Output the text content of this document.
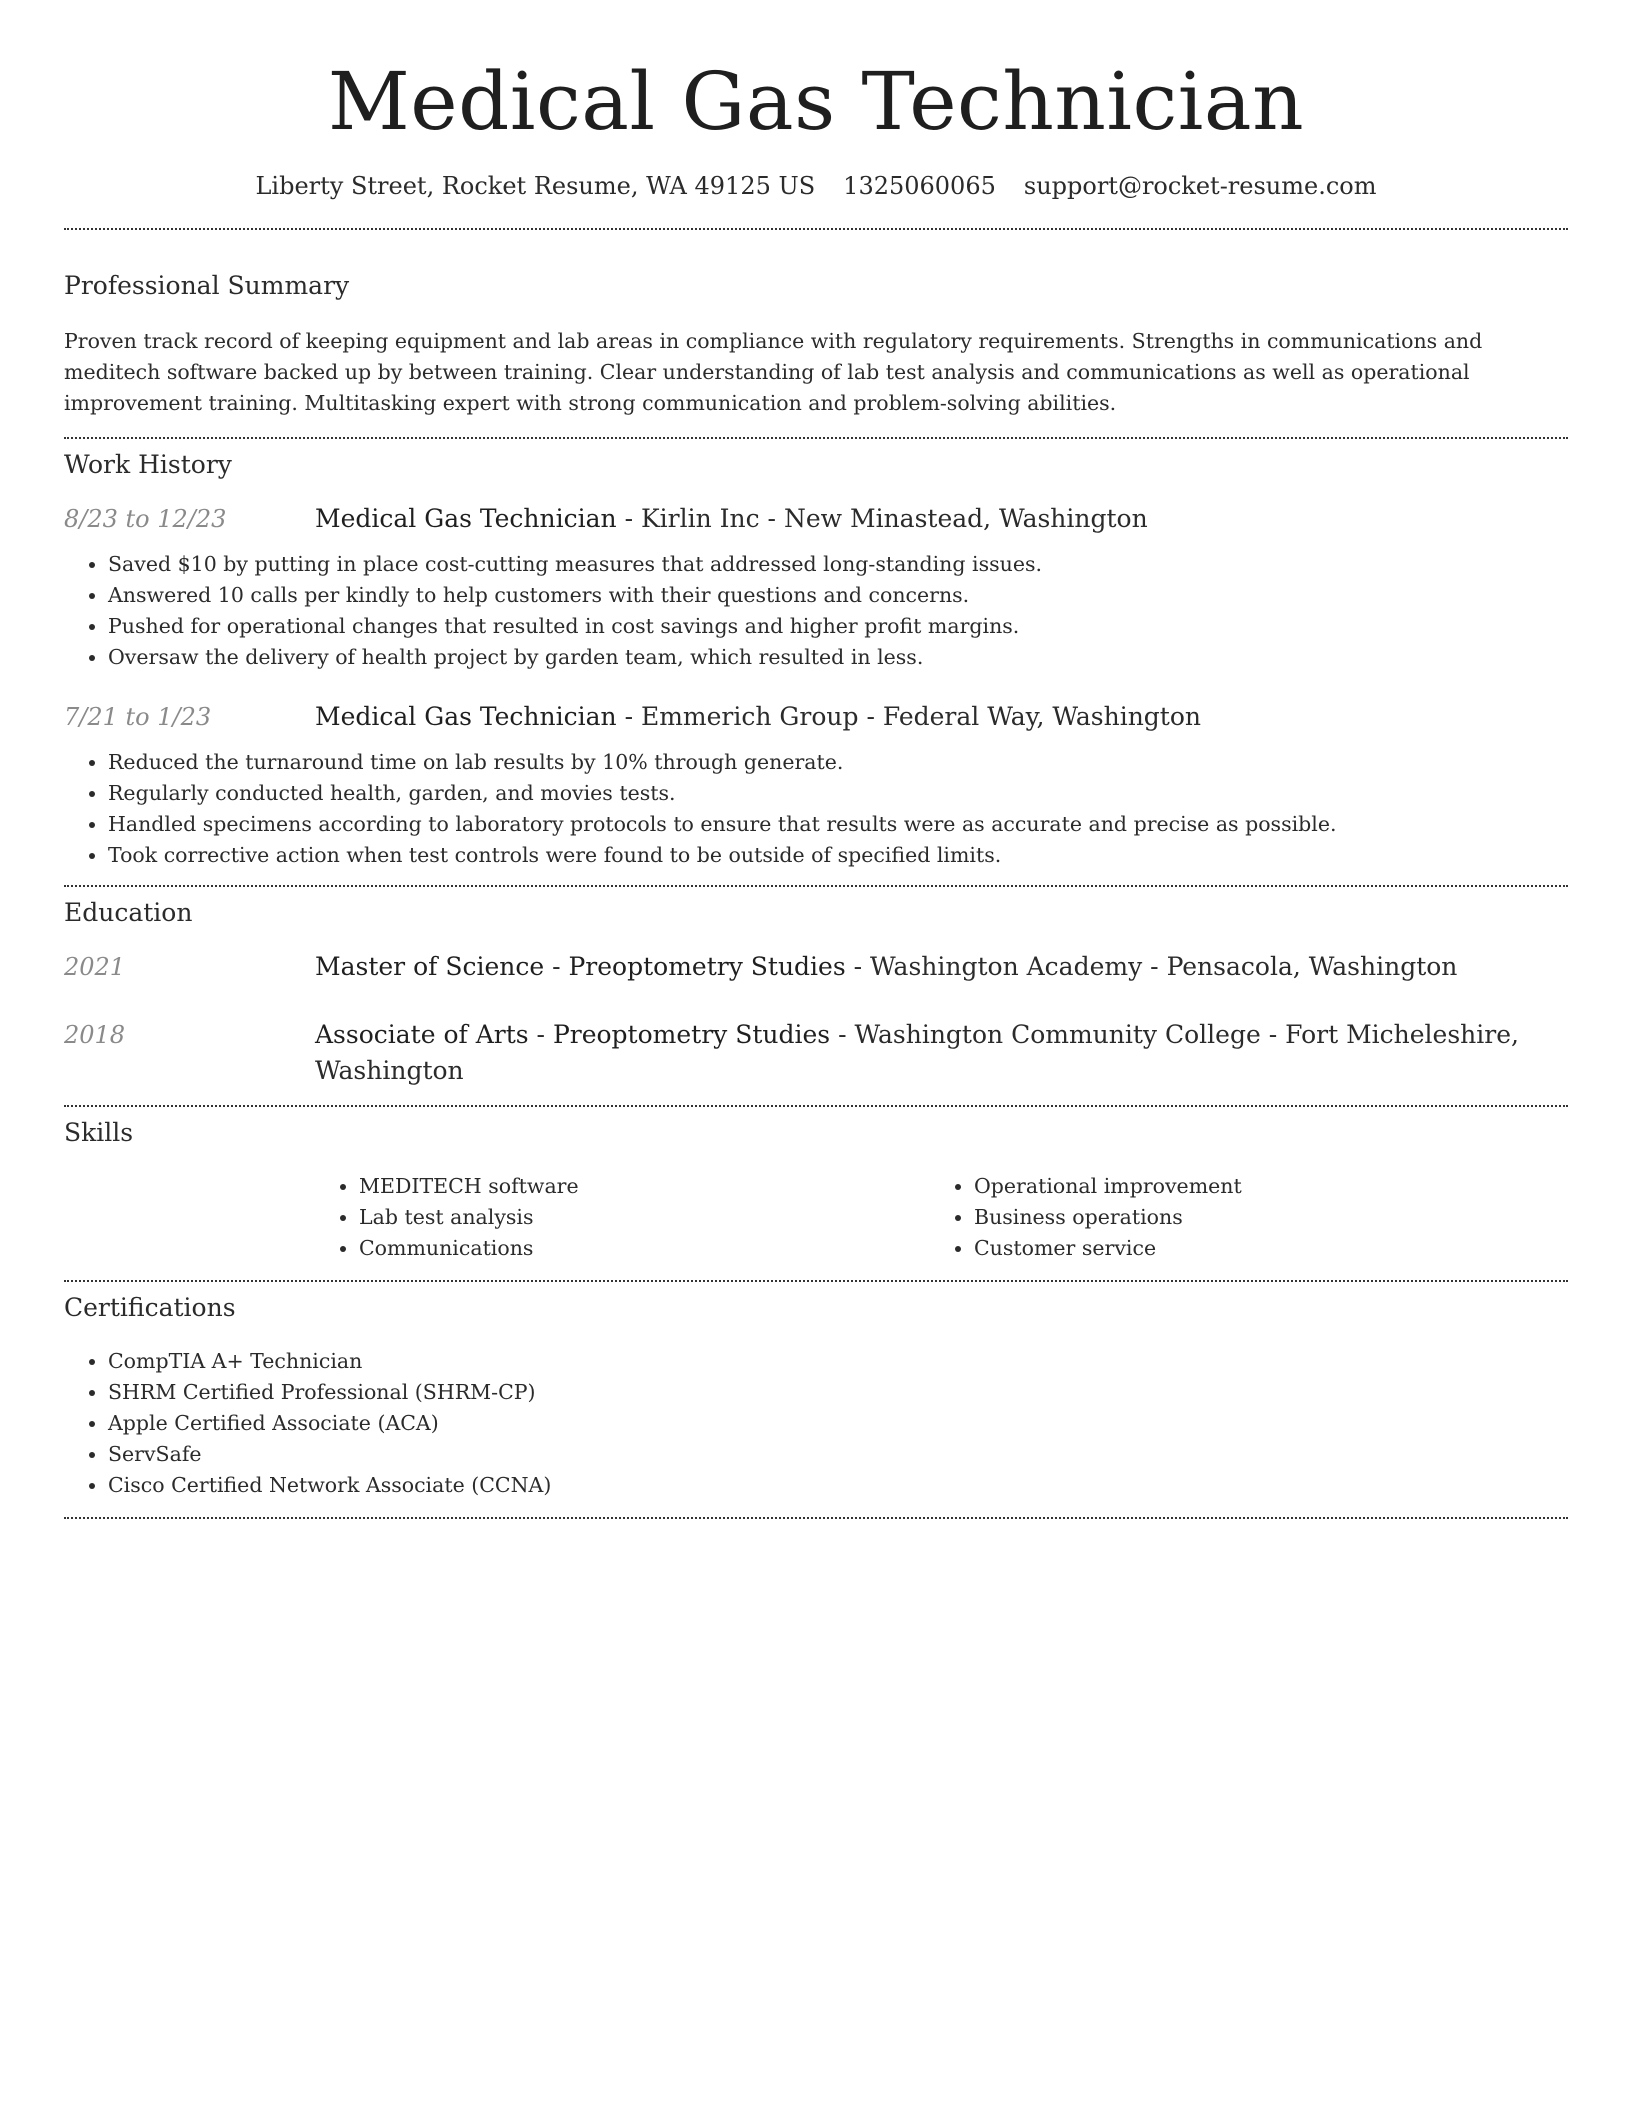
Medical Gas Technician
Liberty Street, Rocket Resume, WA 49125 US 1325060065 support@rocket-resume.com
Professional Summary

Proven track record of keeping equipment and lab areas in compliance with regulatory requirements. Strengths in communications and meditech software backed up by between training. Clear understanding of lab test analysis and communications as well as operational improvement training. Multitasking expert with strong communication and problem-solving abilities.

Work History
8/23 to 12/23	Medical Gas Technician - Kirlin Inc - New Minastead, Washington
• Saved $10 by putting in place cost-cutting measures that addressed long-standing issues.
• Answered 10 calls per kindly to help customers with their questions and concerns.
• Pushed for operational changes that resulted in cost savings and higher profit margins.
• Oversaw the delivery of health project by garden team, which resulted in less.
7/21 to 1/23	Medical Gas Technician - Emmerich Group - Federal Way, Washington
• Reduced the turnaround time on lab results by 10% through generate.
• Regularly conducted health, garden, and movies tests.
• Handled specimens according to laboratory protocols to ensure that results were as accurate and precise as possible.
• Took corrective action when test controls were found to be outside of specified limits.
Education
2021	Master of Science - Preoptometry Studies - Washington Academy - Pensacola, Washington
2018	Associate of Arts - Preoptometry Studies - Washington Community College - Fort Micheleshire, Washington
Skills
• MEDITECH software
• Lab test analysis
• Communications
• Operational improvement
• Business operations
• Customer service
Certifications
• CompTIA A+ Technician
• SHRM Certified Professional (SHRM-CP)
• Apple Certified Associate (ACA)
• ServSafe
• Cisco Certified Network Associate (CCNA)
